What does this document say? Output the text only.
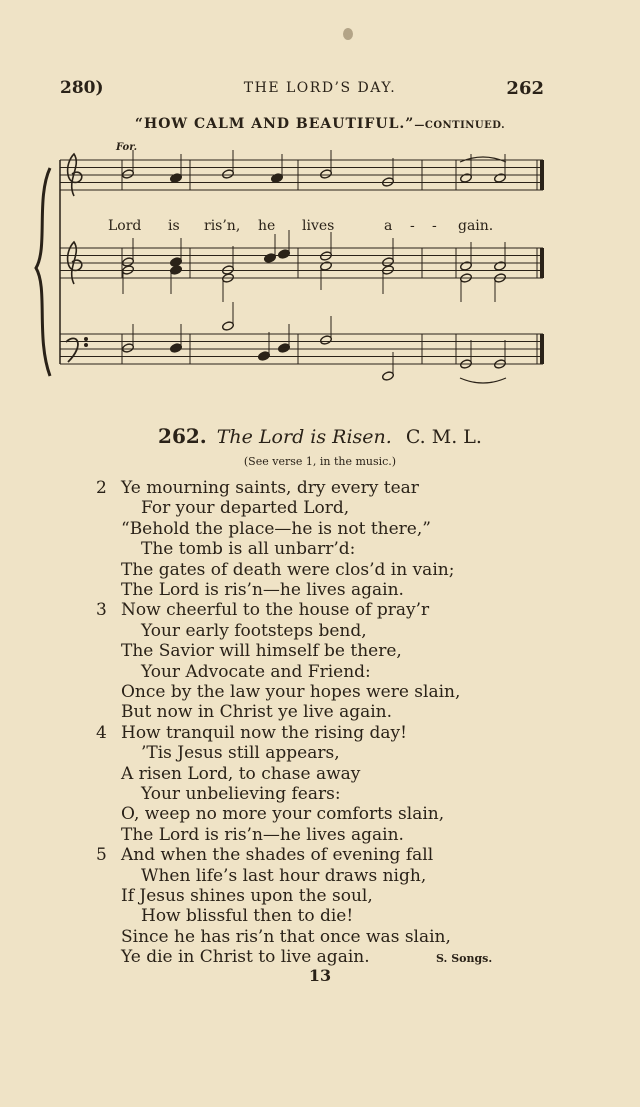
280)	THE LORD’S DAY.	262
“HOW CALM AND BEAUTIFUL.”—CONTINUED.
For.
Lord is ris’n, he lives	a - - gain.
262. The Lord is Risen. C. M. L.
(See verse 1, in the music.)
2 Ye mourning saints, dry every tear
For your departed Lord,
“Behold the place—he is not there,”
The tomb is all unbarr’d:
The gates of death were clos’d in vain;
The Lord is ris’n—he lives again.
3 Now cheerful to the house of pray’r
Your early footsteps bend,
The Savior will himself be there,
Your Advocate and Friend:
Once by the law your hopes were slain,
But now in Christ ye live again.
4 How tranquil now the rising day!
’Tis Jesus still appears,
A risen Lord, to chase away
Your unbelieving fears:
O, weep no more your comforts slain,
The Lord is ris’n—he lives again.
5 And when the shades of evening fall
When life’s last hour draws nigh,
If Jesus shines upon the soul,
How blissful then to die!
Since he has ris’n that once was slain,
Ye die in Christ to live again.	S. Songs.
13
